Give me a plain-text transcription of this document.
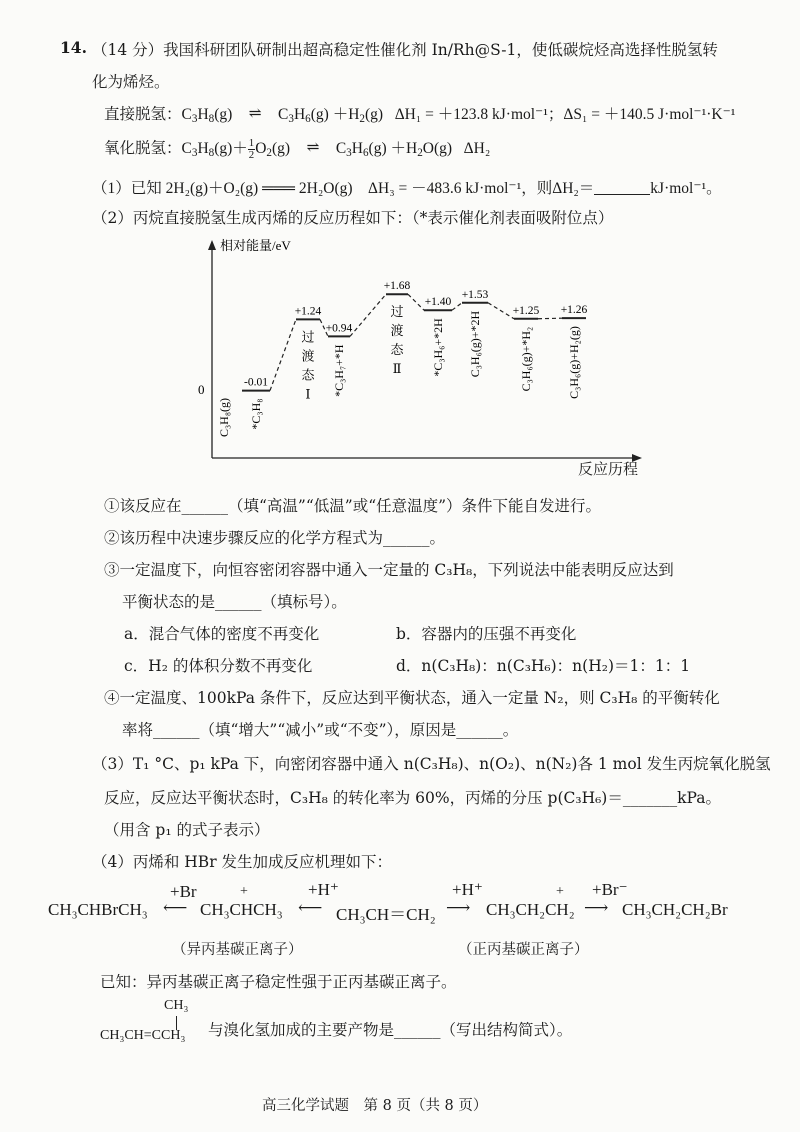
14. （14 分）我国科研团队研制出超高稳定性催化剂 In/Rh@S-1，使低碳烷烃高选择性脱氢转
化为烯烃。
直接脱氢：$C_3H_8(g)$ ⇌ $C_3H_6(g) +H_2(g) \Delta H_1 = +123.8$ kJ·mol⁻¹；ΔS₁ = ＋140.5 J·mol⁻¹·K⁻¹
氧化脱氢：$C_3H_8(g)+ \frac{1}{2} O_2(g)$ ⇌ $C_3H_6(g) +H_2O(g)$   ΔH₂
（1）已知 2H₂(g)＋O₂(g) ═══ 2H₂O(g) ΔH₃ = －483.6 kJ·mol⁻¹，则ΔH₂＝	kJ·mol⁻¹。
（2）丙烷直接脱氢生成丙烯的反应历程如下：（*表示催化剂表面吸附位点）
相对能量/eV
0	-0.01
+1.24
+0.94
+1.68
+1.40
+1.53
+1.25 +1.26
C₃H₈(g) *C₃H₈
过
渡
态
Ⅰ *C₃H₇+*H
过
渡
态
Ⅱ *C₃H₆+*2H C₃H₆(g)+*2H	C₃H₆(g)+*H₂	C₃H₆(g)+H₂(g)
反应历程
①该反应在______（填“高温”“低温”或“任意温度”）条件下能自发进行。
②该历程中决速步骤反应的化学方程式为______。
③一定温度下，向恒容密闭容器中通入一定量的 C₃H₈，下列说法中能表明反应达到
平衡状态的是______（填标号）。
a．混合气体的密度不再变化	b．容器内的压强不再变化
c．H₂ 的体积分数不再变化	d．n(C₃H₈)：n(C₃H₆)：n(H₂)＝1：1：1
④一定温度、100kPa 条件下，反应达到平衡状态，通入一定量 N₂，则 C₃H₈ 的平衡转化
率将______（填“增大”“减小”或“不变”），原因是______。
（3）T₁ °C、p₁ kPa 下，向密闭容器中通入 n(C₃H₈)、n(O₂)、n(N₂)各 1 mol 发生丙烷氧化脱氢
反应，反应达平衡状态时，C₃H₈ 的转化率为 60%，丙烯的分压 p(C₃H₆)＝_______kPa。
（用含 p₁ 的式子表示）
（4）丙烯和 HBr 发生加成反应机理如下：
+Br	+H⁺	+H⁺	+Br⁻
+	+
CH₃CHBrCH₃ ⟵ CH₃CHCH₃ ⟵ CH₃CH＝CH₂ ⟶ CH₃CH₂CH₂ ⟶ CH₃CH₂CH₂Br
（异丙基碳正离子）	（正丙基碳正离子）
已知：异丙基碳正离子稳定性强于正丙基碳正离子。
CH₃
CH₃CH=CCH₃ 与溴化氢加成的主要产物是______（写出结构简式）。
高三化学试题　第 8 页（共 8 页）
